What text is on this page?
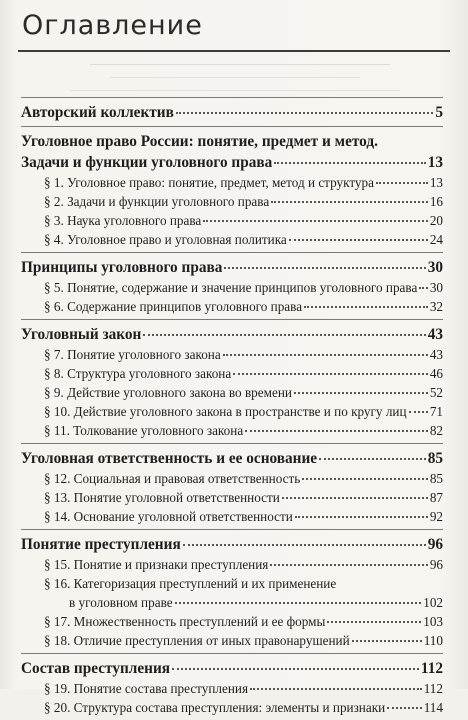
Оглавление
Авторский коллектив	5
Уголовное право России: понятие, предмет и метод.
Задачи и функции уголовного права	13
§ 1. Уголовное право: понятие, предмет, метод и структура	13
§ 2. Задачи и функции уголовного права	16
§ 3. Наука уголовного права	20
§ 4. Уголовное право и уголовная политика	24
Принципы уголовного права	30
§ 5. Понятие, содержание и значение принципов уголовного права 30
§ 6. Содержание принципов уголовного права	32
Уголовный закон	43
§ 7. Понятие уголовного закона	43
§ 8. Структура уголовного закона	46
§ 9. Действие уголовного закона во времени	52
§ 10. Действие уголовного закона в пространстве и по кругу лиц 71
§ 11. Толкование уголовного закона	82
Уголовная ответственность и ее основание	85
§ 12. Социальная и правовая ответственность	85
§ 13. Понятие уголовной ответственности	87
§ 14. Основание уголовной ответственности	92
Понятие преступления	96
§ 15. Понятие и признаки преступления	96
§ 16. Категоризация преступлений и их применение
в уголовном праве	102
§ 17. Множественность преступлений и ее формы	103
§ 18. Отличие преступления от иных правонарушений	110
Состав преступления	112
§ 19. Понятие состава преступления	112
§ 20. Структура состава преступления: элементы и признаки	114
